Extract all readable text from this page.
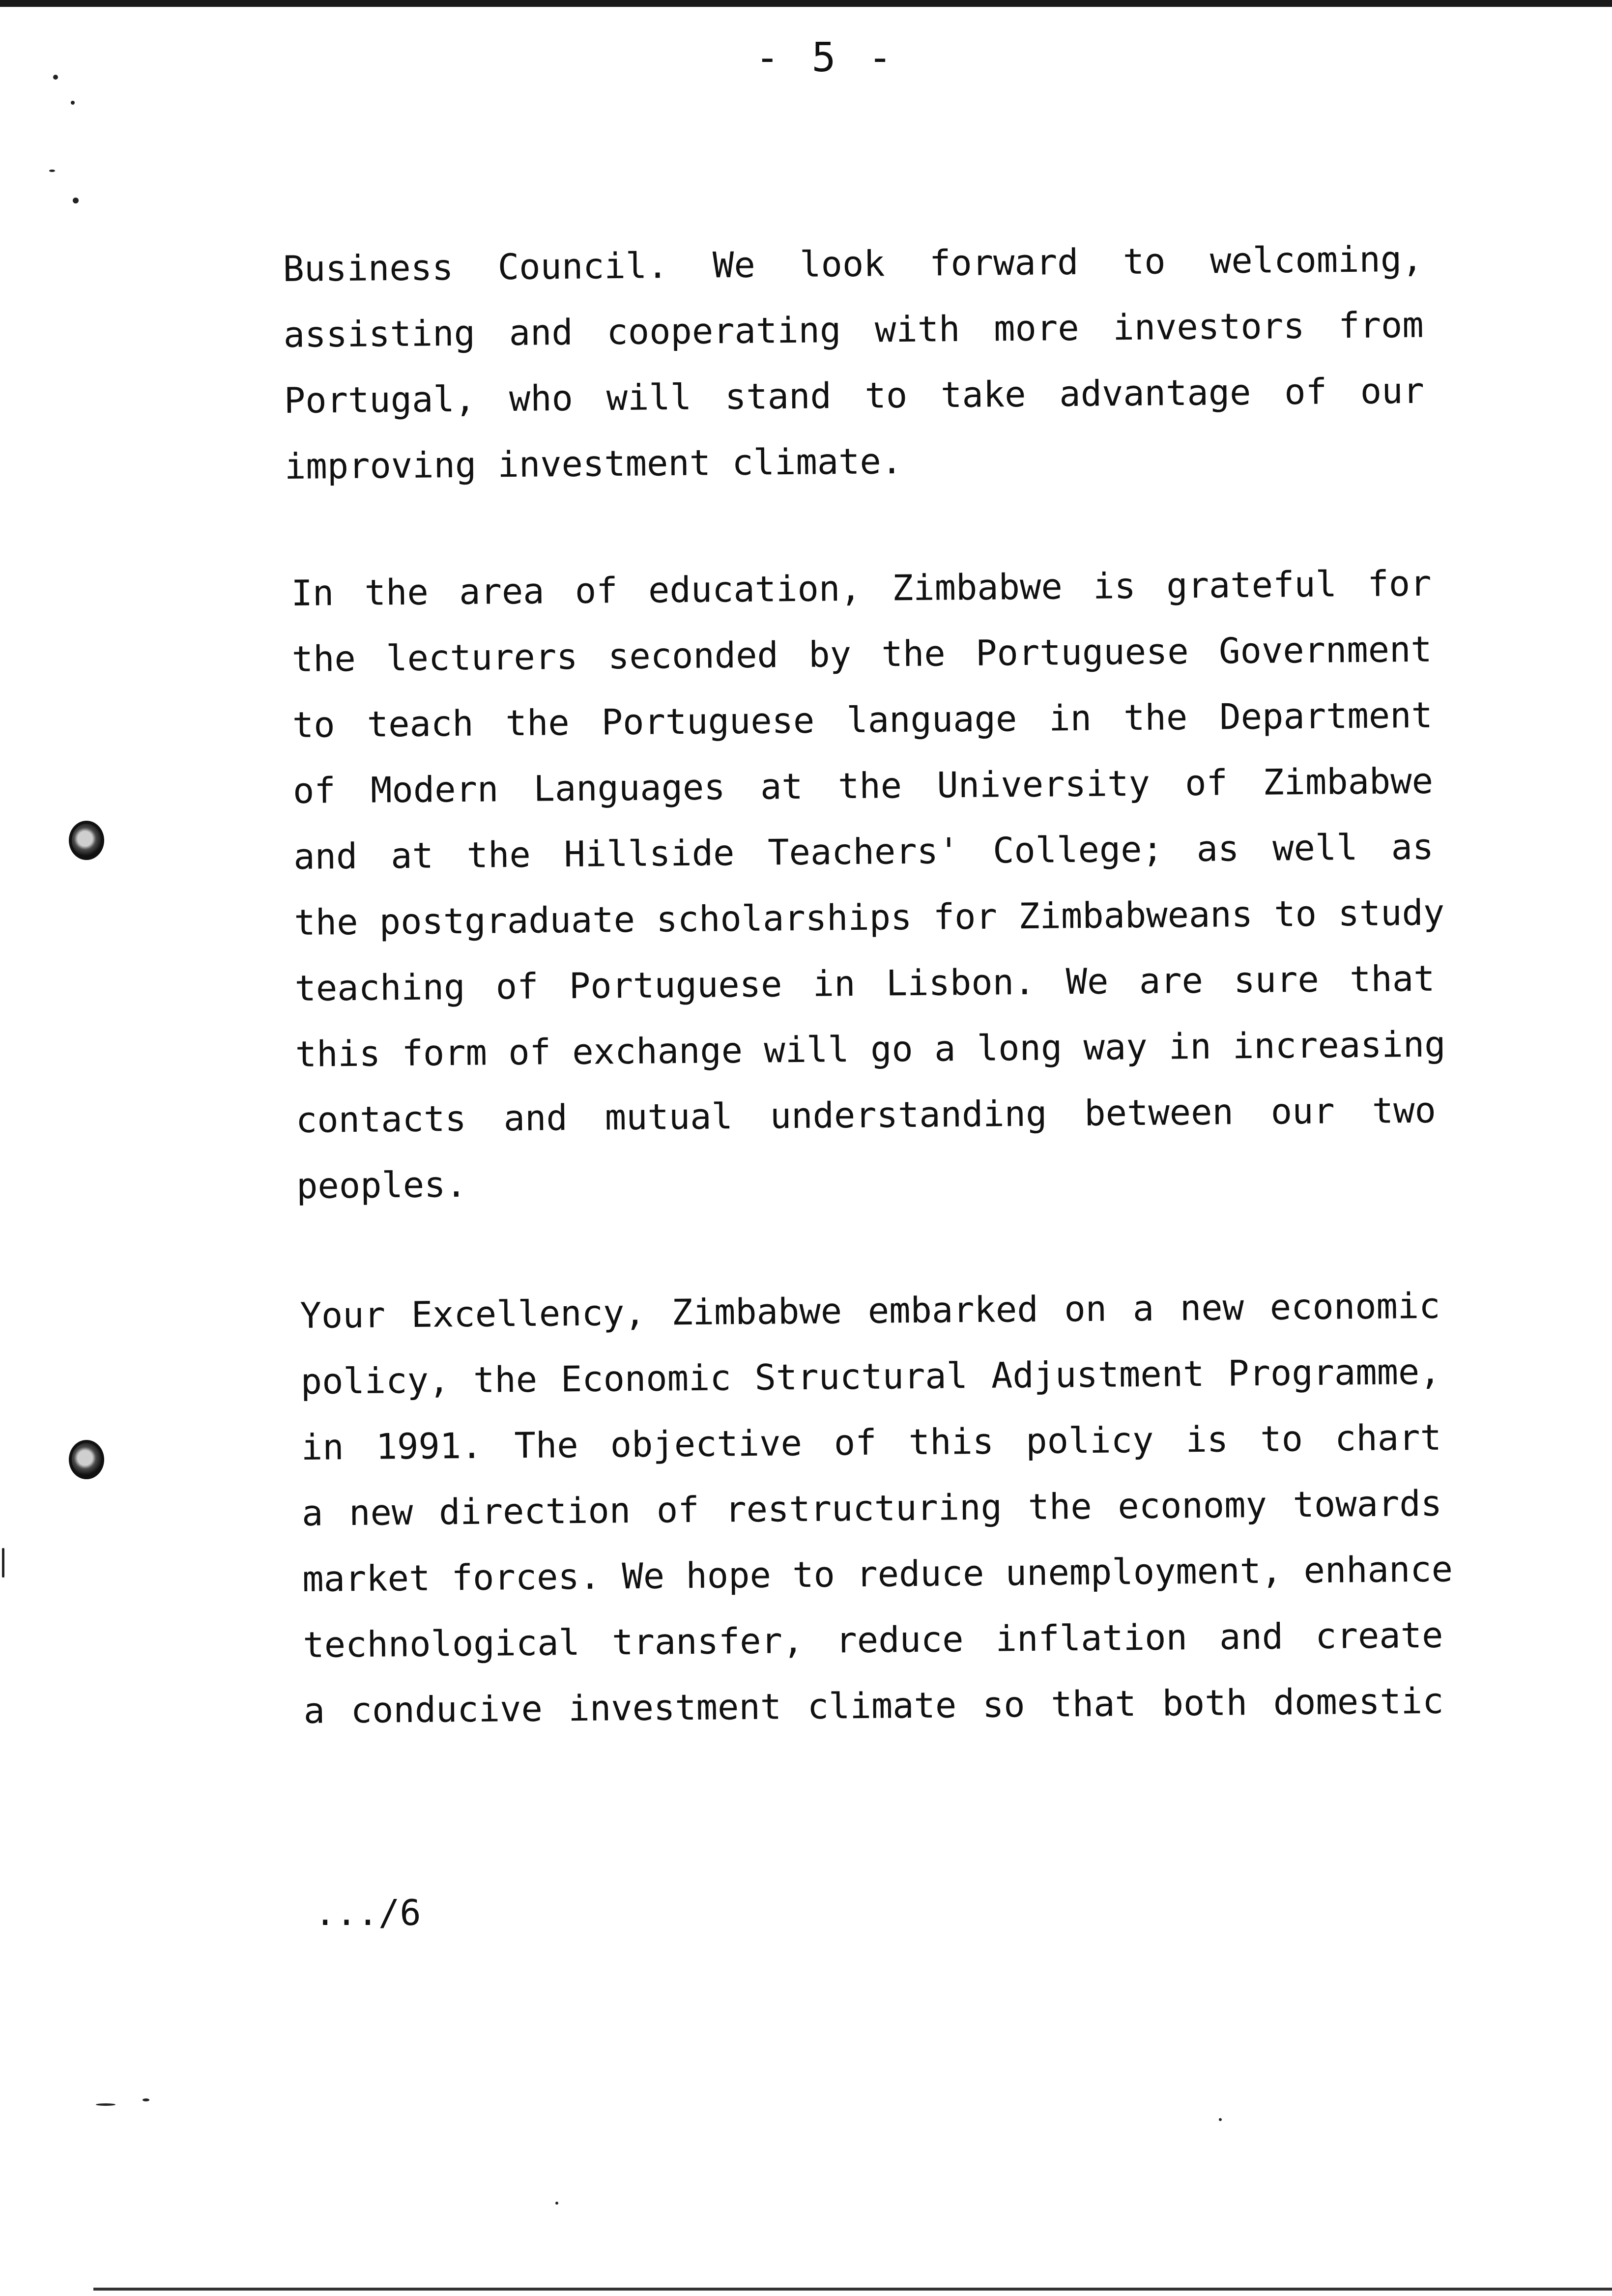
- 5 -
Business Council. We look forward to welcoming,
assisting and cooperating with more investors from
Portugal, who will stand to take advantage of our
improving investment climate.
In the area of education, Zimbabwe is grateful for
the lecturers seconded by the Portuguese Government
to teach the Portuguese language in the Department
of Modern Languages at the University of Zimbabwe
and at the Hillside Teachers' College; as well as
the postgraduate scholarships for Zimbabweans to study
teaching of Portuguese in Lisbon. We are sure that
this form of exchange will go a long way in increasing
contacts and mutual understanding between our two
peoples.
Your Excellency, Zimbabwe embarked on a new economic
policy, the Economic Structural Adjustment Programme,
in 1991. The objective of this policy is to chart
a new direction of restructuring the economy towards
market forces. We hope to reduce unemployment, enhance
technological transfer, reduce inflation and create
a conducive investment climate so that both domestic
.../6
